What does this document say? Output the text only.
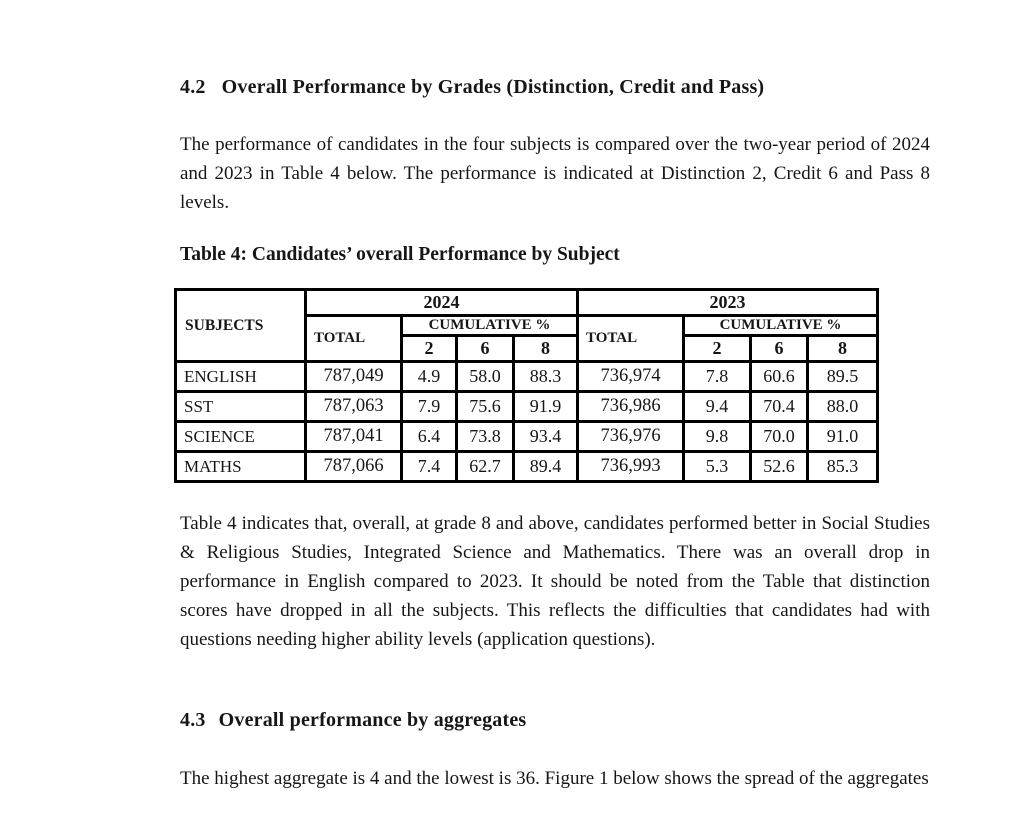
4.2 Overall Performance by Grades (Distinction, Credit and Pass)
The performance of candidates in the four subjects is compared over the two-year period of 2024 and 2023 in Table 4 below. The performance is indicated at Distinction 2, Credit 6 and Pass 8 levels.
Table 4: Candidates’ overall Performance by Subject
SUBJECTS	2024				2023			
	TOTAL	CUMULATIVE %			TOTAL	CUMULATIVE %		
		2	6	8		2	6	8
ENGLISH	787,049	4.9	58.0	88.3	736,974	7.8	60.6	89.5
SST	787,063	7.9	75.6	91.9	736,986	9.4	70.4	88.0
SCIENCE	787,041	6.4	73.8	93.4	736,976	9.8	70.0	91.0
MATHS	787,066	7.4	62.7	89.4	736,993	5.3	52.6	85.3
Table 4 indicates that, overall, at grade 8 and above, candidates performed better in Social Studies & Religious Studies, Integrated Science and Mathematics. There was an overall drop in performance in English compared to 2023. It should be noted from the Table that distinction scores have dropped in all the subjects. This reflects the difficulties that candidates had with questions needing higher ability levels (application questions).
4.3 Overall performance by aggregates
The highest aggregate is 4 and the lowest is 36. Figure 1 below shows the spread of the aggregates
